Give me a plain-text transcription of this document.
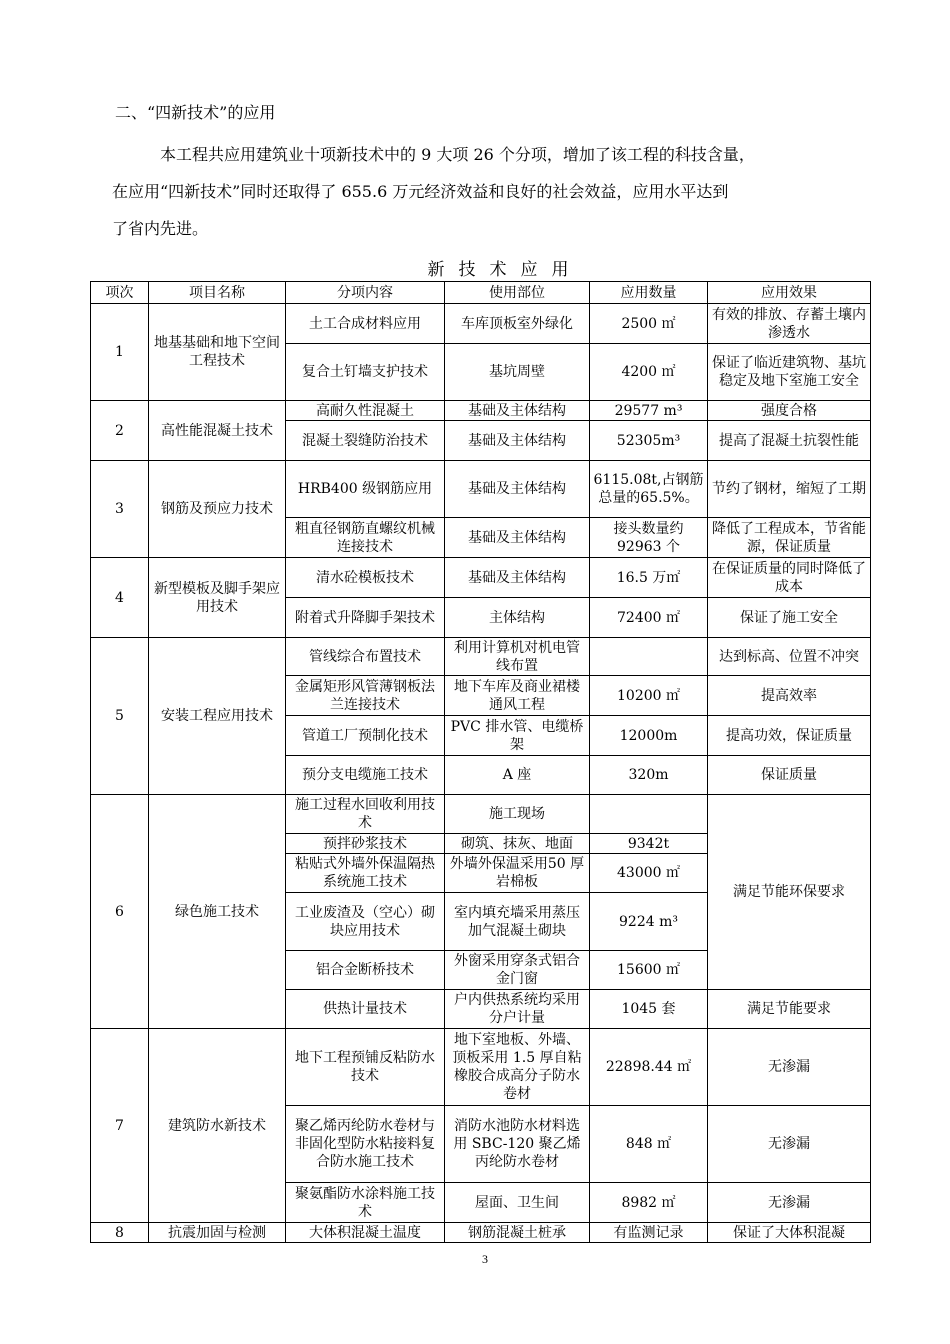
二、“四新技术”的应用
本工程共应用建筑业十项新技术中的 9 大项 26 个分项，增加了该工程的科技含量，
在应用“四新技术”同时还取得了 655.6 万元经济效益和良好的社会效益，应用水平达到
了省内先进。
新技术应用
项次	项目名称	分项内容	使用部位	应用数量	应用效果
1	地基基础和地下空间工程技术	土工合成材料应用	车库顶板室外绿化	2500 ㎡	有效的排放、存蓄土壤内渗透水
		复合土钉墙支护技术	基坑周壁	4200 ㎡	保证了临近建筑物、基坑稳定及地下室施工安全
2	高性能混凝土技术	高耐久性混凝土	基础及主体结构	29577 m³	强度合格
		混凝土裂缝防治技术	基础及主体结构	52305m³	提高了混凝土抗裂性能
3	钢筋及预应力技术	HRB400 级钢筋应用	基础及主体结构	6115.08t,占钢筋总量的65.5%。	节约了钢材，缩短了工期
		粗直径钢筋直螺纹机械连接技术	基础及主体结构	接头数量约92963 个	降低了工程成本，节省能源，保证质量
4	新型模板及脚手架应用技术	清水砼模板技术	基础及主体结构	16.5 万㎡	在保证质量的同时降低了成本
		附着式升降脚手架技术	主体结构	72400 ㎡	保证了施工安全
5	安装工程应用技术	管线综合布置技术	利用计算机对机电管线布置		达到标高、位置不冲突
		金属矩形风管薄钢板法兰连接技术	地下车库及商业裙楼通风工程	10200 ㎡	提高效率
		管道工厂预制化技术	PVC 排水管、电缆桥架	12000m	提高功效，保证质量
		预分支电缆施工技术	A 座	320m	保证质量
6	绿色施工技术	施工过程水回收利用技术	施工现场		满足节能环保要求
		预拌砂浆技术	砌筑、抹灰、地面	9342t	
		粘贴式外墙外保温隔热系统施工技术	外墙外保温采用50 厚岩棉板	43000 ㎡	
		工业废渣及（空心）砌块应用技术	室内填充墙采用蒸压加气混凝土砌块	9224 m³	
		铝合金断桥技术	外窗采用穿条式铝合金门窗	15600 ㎡	
		供热计量技术	户内供热系统均采用分户计量	1045 套	满足节能要求
7	建筑防水新技术	地下工程预铺反粘防水技术	地下室地板、外墙、顶板采用 1.5 厚自粘橡胶合成高分子防水卷材	22898.44 ㎡	无渗漏
		聚乙烯丙纶防水卷材与非固化型防水粘接料复合防水施工技术	消防水池防水材料选用 SBC-120 聚乙烯丙纶防水卷材	848 ㎡	无渗漏
		聚氨酯防水涂料施工技术	屋面、卫生间	8982 ㎡	无渗漏
8	抗震加固与检测	大体积混凝土温度	钢筋混凝土桩承	有监测记录	保证了大体积混凝
3
